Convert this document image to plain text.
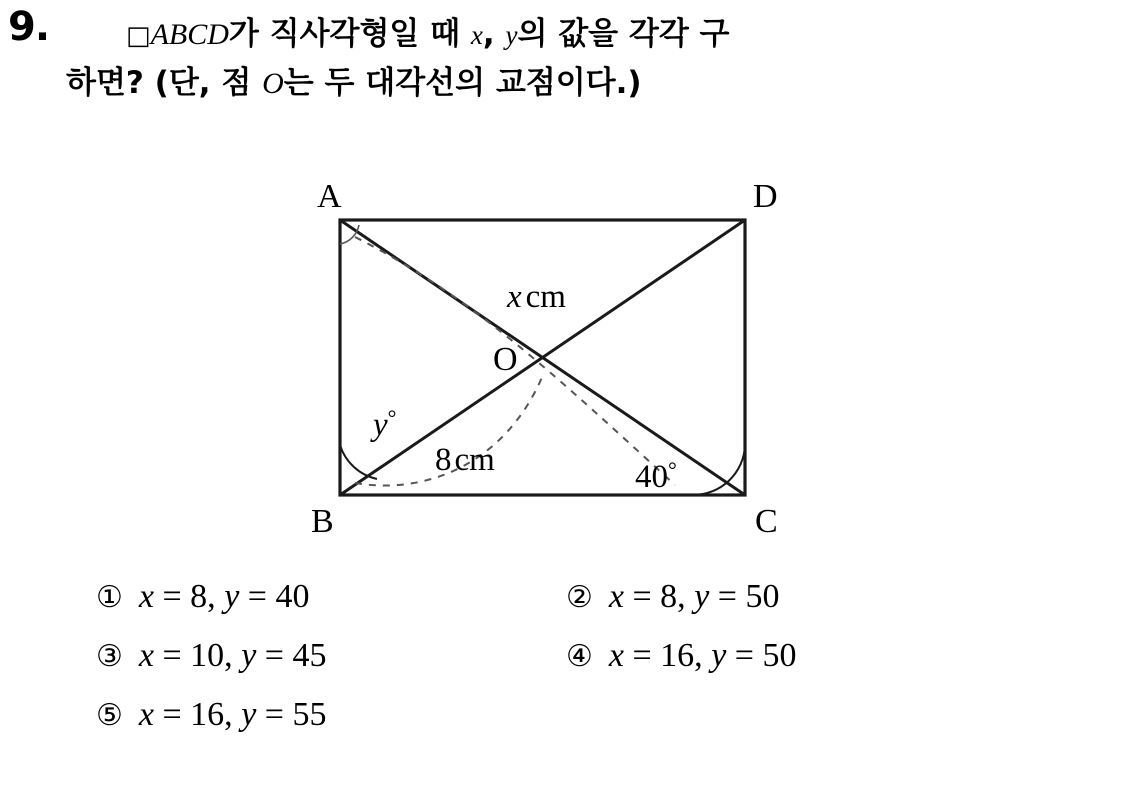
9.	□ABCD가 직사각형일 때 x, y의 값을 각각 구
하면? (단, 점 O는 두 대각선의 교점이다.)
A	D
B	C
O
x cm
8cm
y°
40°
① x = 8, y = 40	② x = 8, y = 50
③ x = 10, y = 45	④ x = 16, y = 50
⑤ x = 16, y = 55
